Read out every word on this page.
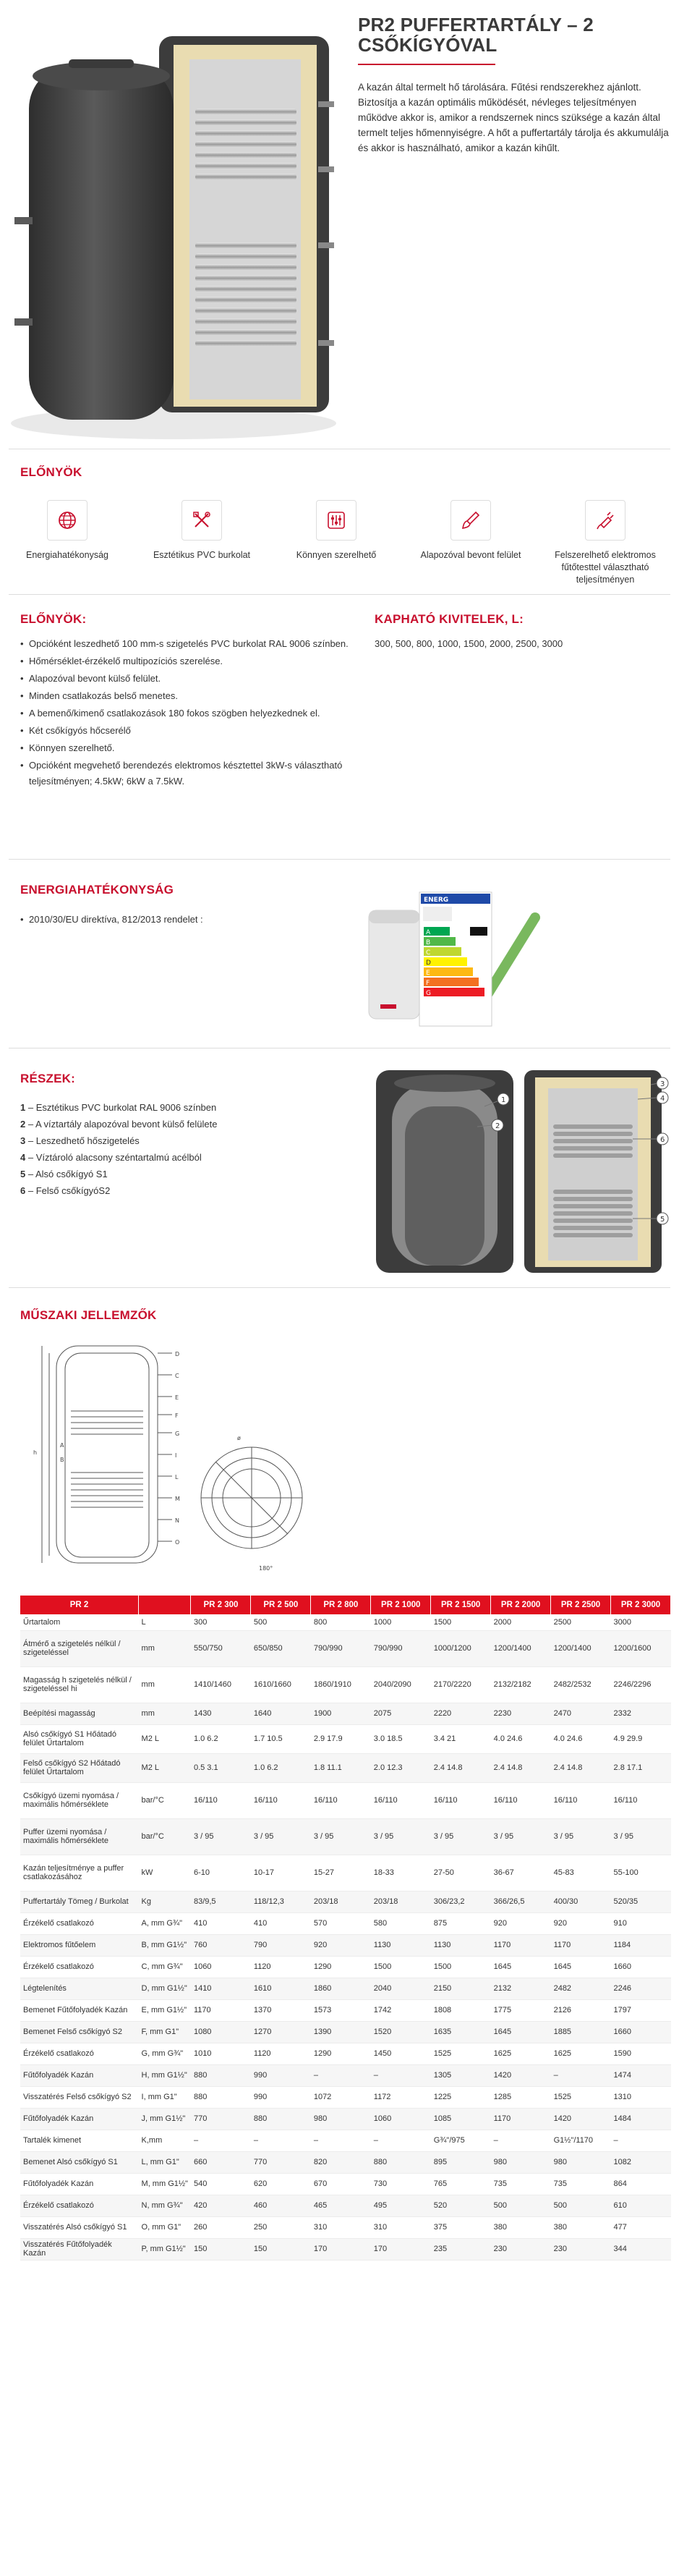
PR2 PUFFERTARTÁLY – 2
CSŐKÍGYÓVAL

A kazán által termelt hő tárolására. Fűtési rendszerekhez ajánlott. Biztosítja a kazán optimális működését, névleges teljesítményen működve akkor is, amikor a rendszernek nincs szüksége a kazán által termelt teljes hőmennyiségre. A hőt a puffertartály tárolja és akkumulálja és akkor is használható, amikor a kazán kihűlt.

ELŐNYÖK
Energiahatékonyság	Esztétikus PVC burkolat	Könnyen szerelhető	Alapozóval bevont felület	Felszerelhető elektromos fűtőtesttel választható teljesítményen
ELŐNYÖK:
• Opcióként leszedhető 100 mm-s szigetelés PVC burkolat RAL 9006 színben.
• Hőmérséklet-érzékelő multipozíciós szerelése.
• Alapozóval bevont külső felület.
• Minden csatlakozás belső menetes.
• A bemenő/kimenő csatlakozások 180 fokos szögben helyezkednek el.
• Két csőkígyós hőcserélő
• Könnyen szerelhető.
• Opcióként megvehető berendezés elektromos késztettel 3kW-s választható teljesítményen; 4.5kW; 6kW a 7.5kW.
KAPHATÓ KIVITELEK, L:

300, 500, 800, 1000, 1500, 2000, 2500, 3000

ENERGIAHATÉKONYSÁG
• 2010/30/EU direktíva, 812/2013 rendelet :
ENERG
A
B
C
D
E
F
G
RÉSZEK:
1 – Esztétikus PVC burkolat RAL 9006 színben
2 – A víztartály alapozóval bevont külső felülete
3 – Leszedhető hőszigetelés
4 – Víztároló alacsony széntartalmú acélból
5 – Alsó csőkígyó S1
6 – Felső csőkígyóS2
1
2
3
4
6
5
MŰSZAKI JELLEMZŐK
D
C
E
F
G
I
L
M
N
O
A
B
h
ø
180°
PR 2		PR 2 300	PR 2 500	PR 2 800	PR 2 1000	PR 2 1500	PR 2 2000	PR 2 2500	PR 2 3000
Űrtartalom	L	300	500	800	1000	1500	2000	2500	3000
Átmérő a szigetelés nélkül / szigeteléssel	mm	550/750	650/850	790/990	790/990	1000/1200	1200/1400	1200/1400	1200/1600
Magasság h szigetelés nélkül / szigeteléssel hi	mm	1410/1460	1610/1660	1860/1910	2040/2090	2170/2220	2132/2182	2482/2532	2246/2296
Beépítési magasság	mm	1430	1640	1900	2075	2220	2230	2470	2332
Alsó csőkígyó S1 Hőátadó felület Űrtartalom	M2 L	1.0 6.2	1.7 10.5	2.9 17.9	3.0 18.5	3.4 21	4.0 24.6	4.0 24.6	4.9 29.9
Felső csőkígyó S2 Hőátadó felület Űrtartalom	M2 L	0.5 3.1	1.0 6.2	1.8 11.1	2.0 12.3	2.4 14.8	2.4 14.8	2.4 14.8	2.8 17.1
Csőkígyó üzemi nyomása / maximális hőmérséklete	bar/°C	16/110	16/110	16/110	16/110	16/110	16/110	16/110	16/110
Puffer üzemi nyomása / maximális hőmérséklete	bar/°C	3 / 95	3 / 95	3 / 95	3 / 95	3 / 95	3 / 95	3 / 95	3 / 95
Kazán teljesítménye a puffer csatlakozásához	kW	6-10	10-17	15-27	18-33	27-50	36-67	45-83	55-100
Puffertartály Tömeg / Burkolat	Kg	83/9,5	118/12,3	203/18	203/18	306/23,2	366/26,5	400/30	520/35
Érzékelő csatlakozó	A, mm G¾"	410	410	570	580	875	920	920	910
Elektromos fűtőelem	B, mm G1½"	760	790	920	1130	1130	1170	1170	1184
Érzékelő csatlakozó	C, mm G¾"	1060	1120	1290	1500	1500	1645	1645	1660
Légtelenítés	D, mm G1½"	1410	1610	1860	2040	2150	2132	2482	2246
Bemenet Fűtőfolyadék Kazán	E, mm G1½"	1170	1370	1573	1742	1808	1775	2126	1797
Bemenet Felső csőkígyó S2	F, mm G1"	1080	1270	1390	1520	1635	1645	1885	1660
Érzékelő csatlakozó	G, mm G¾"	1010	1120	1290	1450	1525	1625	1625	1590
Fűtőfolyadék Kazán	H, mm G1½"	880	990	–	–	1305	1420	–	1474
Visszatérés Felső csőkígyó S2	I, mm G1"	880	990	1072	1172	1225	1285	1525	1310
Fűtőfolyadék Kazán	J, mm G1½"	770	880	980	1060	1085	1170	1420	1484
Tartalék kimenet	K,mm	–	–	–	–	G¾"/975	–	G1½"/1170	–
Bemenet Alsó csőkígyó S1	L, mm G1"	660	770	820	880	895	980	980	1082
Fűtőfolyadék Kazán	M, mm G1½"	540	620	670	730	765	735	735	864
Érzékelő csatlakozó	N, mm G¾"	420	460	465	495	520	500	500	610
Visszatérés Alsó csőkígyó S1	O, mm G1"	260	250	310	310	375	380	380	477
Visszatérés Fűtőfolyadék Kazán	P, mm G1½"	150	150	170	170	235	230	230	344
